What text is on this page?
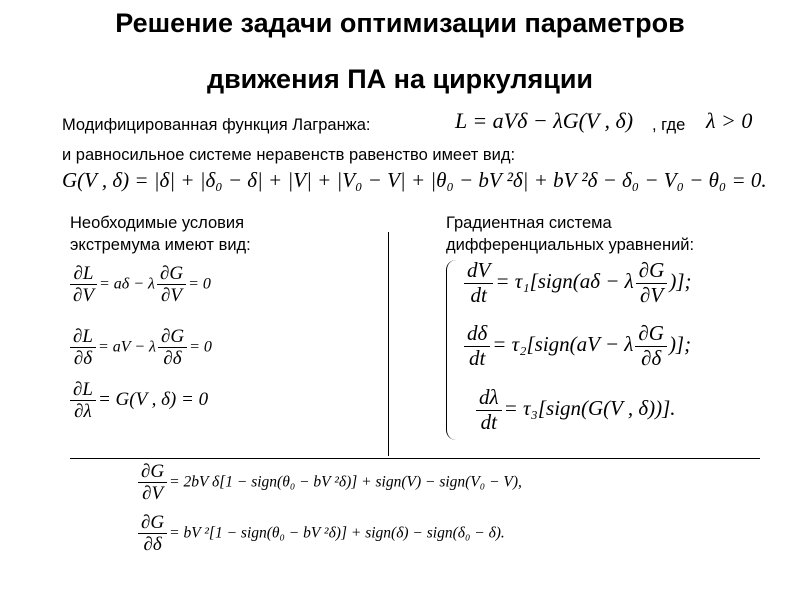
Решение задачи оптимизации параметров
движения ПА на циркуляции
Модифицированная функция Лагранжа:	L = aVδ − λG(V , δ) , где λ > 0
и равносильное системе неравенств равенство имеет вид:
G(V , δ) = |δ| + |δ₀ − δ| + |V| + |V₀ − V| + |θ₀ − bV ²δ| + bV ²δ − δ₀ − V₀ − θ₀ = 0.
Необходимые условия
экстремума имеют вид:
$\frac{\partial L}{\partial V} = a\delta - \lambda \frac{\partial G}{\partial V} = 0$
$\frac{\partial L}{\partial\delta}$ = aV − λ $\frac{\partial G}{\partial\delta} = 0$
$\frac{\partial L}{\partial\lambda} = G(V$ , δ) = 0
Градиентная система
дифференциальных уравнений:
$\frac{dV}{dt}$ = τ₁[sign(aδ − λ $\frac{\partial G}{\partial V}$ )];
$\frac{d\delta}{dt}$ = τ₂[sign(aV − λ $\frac{\partial G}{\partial\delta}$ )];
$\frac{d\lambda}{dt}$ = τ₃[sign(G(V , δ))].
$\frac{\partial G}{\partial V} = 2bV$ δ[1 − sign(θ₀ − bV ²δ)] + sign(V) − sign(V₀ − V),
$\frac{\partial G}{\partial\delta}$ = bV ²[1 − sign(θ₀ − bV ²δ)] + sign(δ) − sign(δ₀ − δ).
